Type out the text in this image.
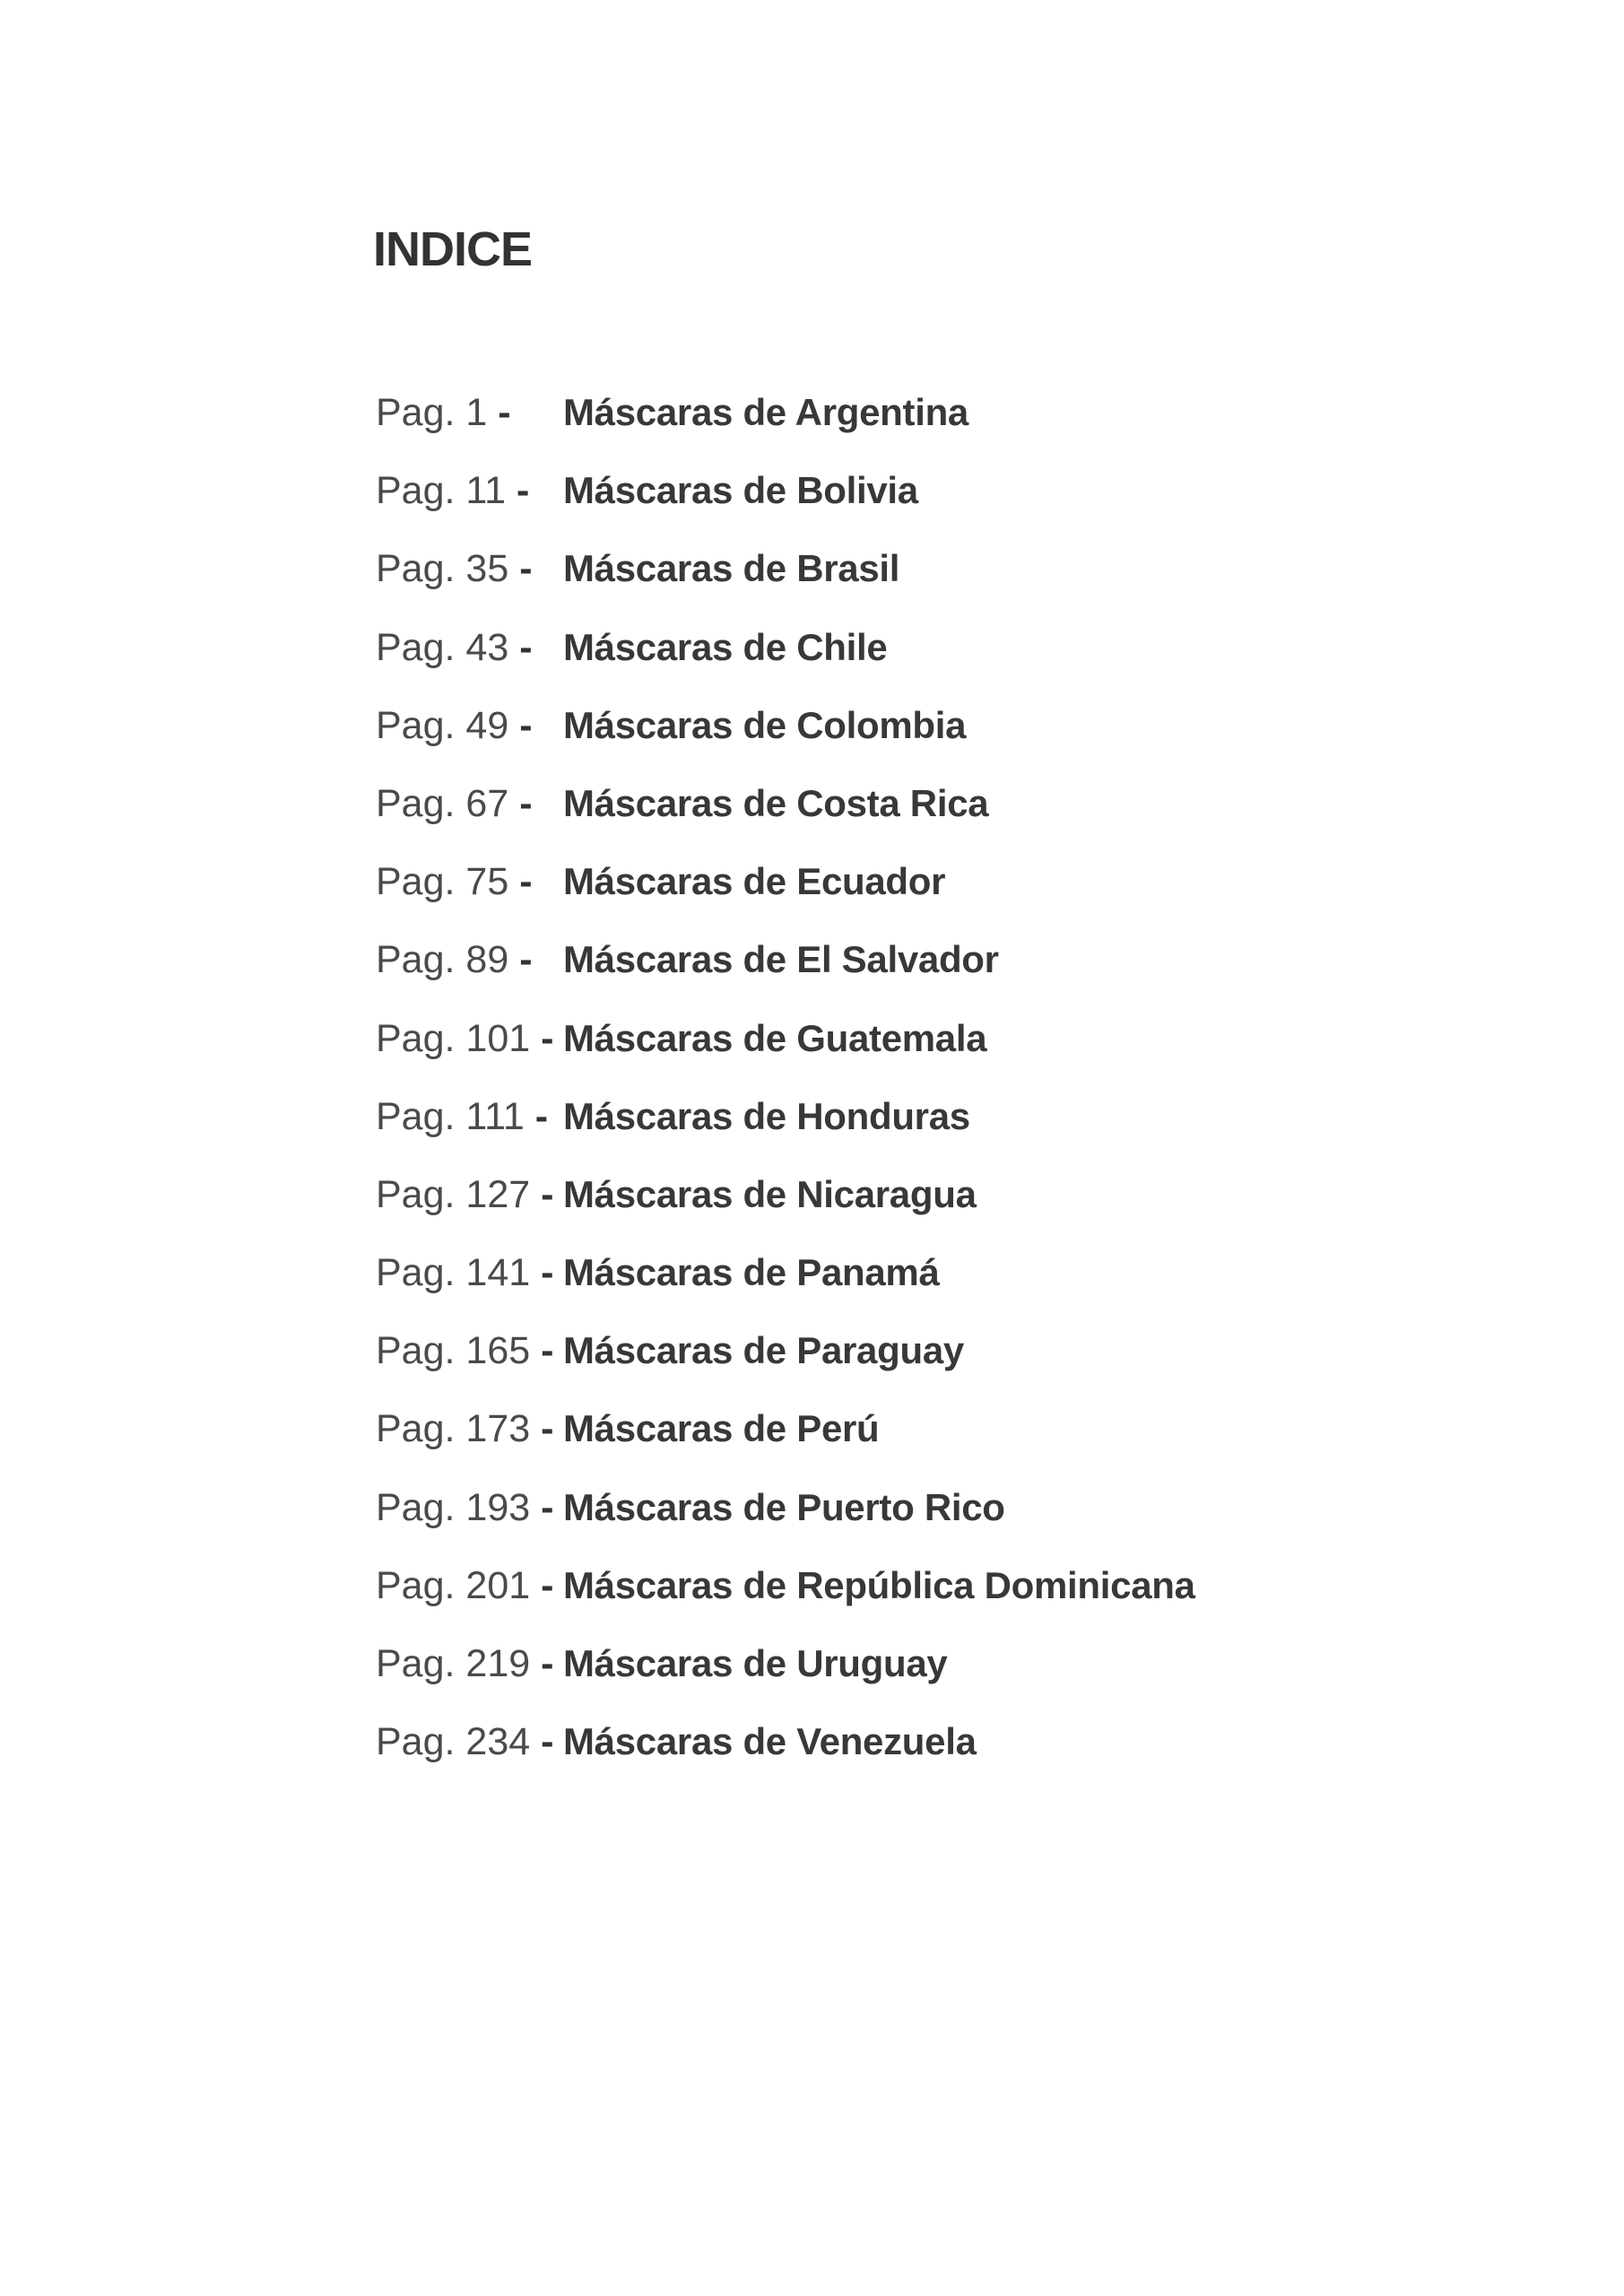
INDICE
Pag. 1 - Máscaras de Argentina
Pag. 11 - Máscaras de Bolivia
Pag. 35 - Máscaras de Brasil
Pag. 43 - Máscaras de Chile
Pag. 49 - Máscaras de Colombia
Pag. 67 - Máscaras de Costa Rica
Pag. 75 - Máscaras de Ecuador
Pag. 89 - Máscaras de El Salvador
Pag. 101 - Máscaras de Guatemala
Pag. 111 - Máscaras de Honduras
Pag. 127 - Máscaras de Nicaragua
Pag. 141 - Máscaras de Panamá
Pag. 165 - Máscaras de Paraguay
Pag. 173 - Máscaras de Perú
Pag. 193 - Máscaras de Puerto Rico
Pag. 201 - Máscaras de República Dominicana
Pag. 219 - Máscaras de Uruguay
Pag. 234 - Máscaras de Venezuela
